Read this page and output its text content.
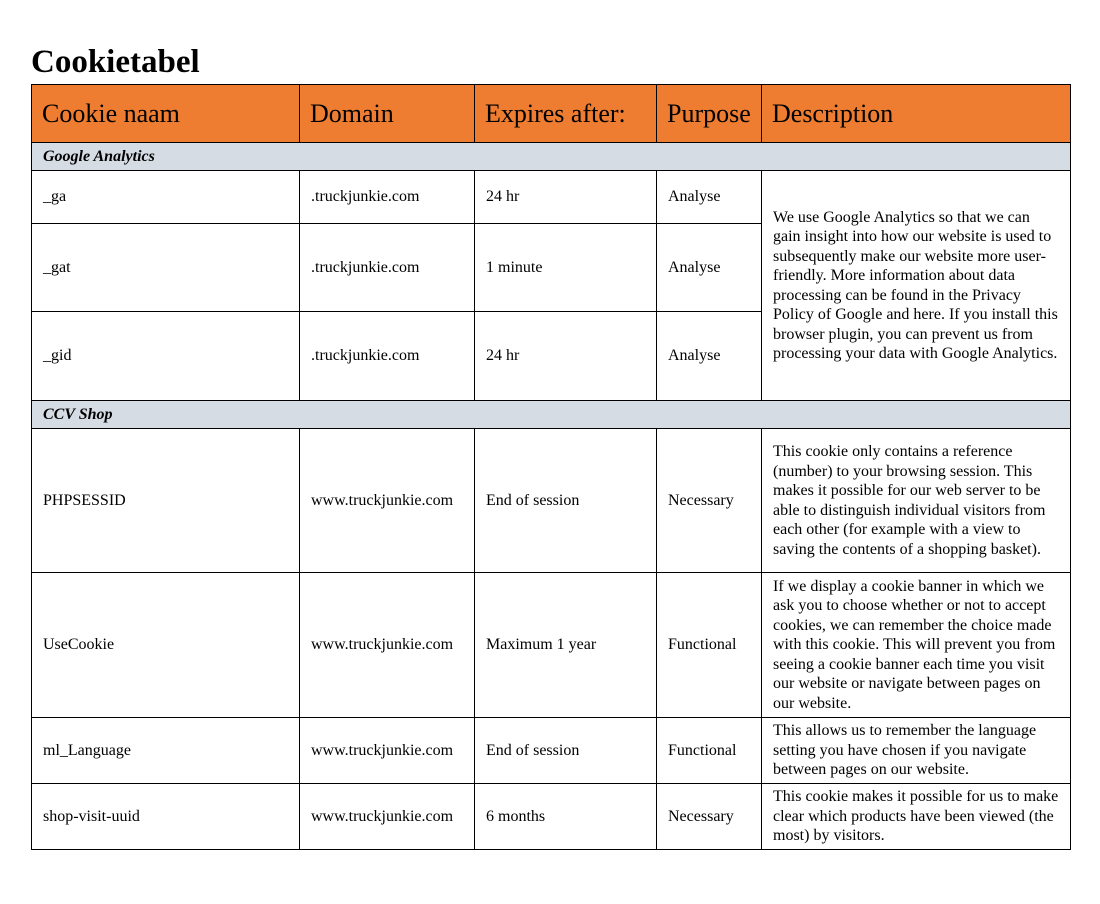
Cookietabel
Cookie naam	Domain	Expires after:	Purpose	Description
Google Analytics				
_ga	.truckjunkie.com	24 hr	Analyse	We use Google Analytics so that we can gain insight into how our website is used to subsequently make our website more user-friendly. More information about data processing can be found in the Privacy Policy of Google and here. If you install this browser plugin, you can prevent us from processing your data with Google Analytics.
_gat	.truckjunkie.com	1 minute	Analyse	
_gid	.truckjunkie.com	24 hr	Analyse	
CCV Shop				
PHPSESSID	www.truckjunkie.com	End of session	Necessary	This cookie only contains a reference (number) to your browsing session. This makes it possible for our web server to be able to distinguish individual visitors from each other (for example with a view to saving the contents of a shopping basket).
UseCookie	www.truckjunkie.com	Maximum 1 year	Functional	If we display a cookie banner in which we ask you to choose whether or not to accept cookies, we can remember the choice made with this cookie. This will prevent you from seeing a cookie banner each time you visit our website or navigate between pages on our website.
ml_Language	www.truckjunkie.com	End of session	Functional	This allows us to remember the language setting you have chosen if you navigate between pages on our website.
shop-visit-uuid	www.truckjunkie.com	6 months	Necessary	This cookie makes it possible for us to make clear which products have been viewed (the most) by visitors.
